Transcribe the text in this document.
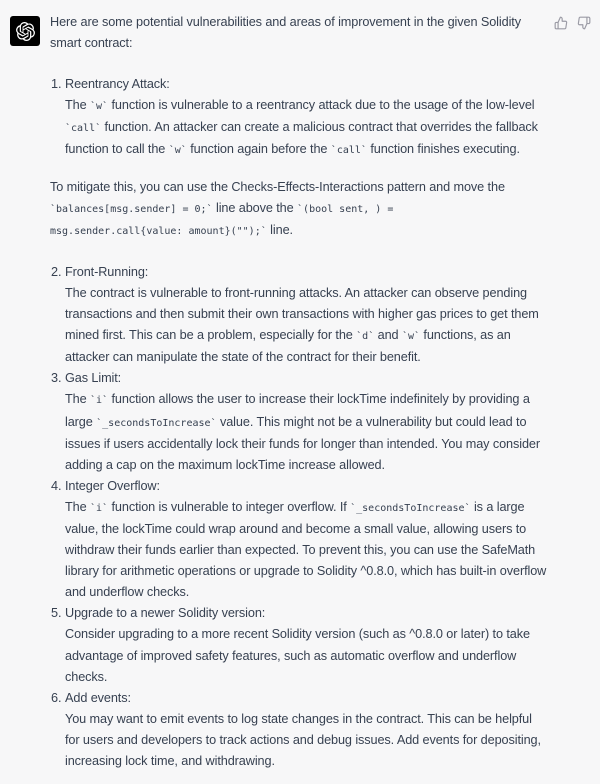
Here are some potential vulnerabilities and areas of improvement in the given Solidity smart contract:

1. Reentrancy Attack:
The `w` function is vulnerable to a reentrancy attack due to the usage of the low-level `call` function. An attacker can create a malicious contract that overrides the fallback function to call the `w` function again before the `call` function finishes executing.

To mitigate this, you can use the Checks-Effects-Interactions pattern and move the `balances[msg.sender] = 0;` line above the `(bool sent, ) =
msg.sender.call{value: amount}("");` line.

2. Front-Running:
The contract is vulnerable to front-running attacks. An attacker can observe pending transactions and then submit their own transactions with higher gas prices to get them mined first. This can be a problem, especially for the `d` and `w` functions, as an attacker can manipulate the state of the contract for their benefit.
3. Gas Limit:
The `i` function allows the user to increase their lockTime indefinitely by providing a large `_secondsToIncrease` value. This might not be a vulnerability but could lead to issues if users accidentally lock their funds for longer than intended. You may consider adding a cap on the maximum lockTime increase allowed.
4. Integer Overflow:
The `i` function is vulnerable to integer overflow. If `_secondsToIncrease` is a large value, the lockTime could wrap around and become a small value, allowing users to withdraw their funds earlier than expected. To prevent this, you can use the SafeMath library for arithmetic operations or upgrade to Solidity ^0.8.0, which has built-in overflow and underflow checks.
5. Upgrade to a newer Solidity version:
Consider upgrading to a more recent Solidity version (such as ^0.8.0 or later) to take advantage of improved safety features, such as automatic overflow and underflow checks.
6. Add events:
You may want to emit events to log state changes in the contract. This can be helpful for users and developers to track actions and debug issues. Add events for depositing, increasing lock time, and withdrawing.
